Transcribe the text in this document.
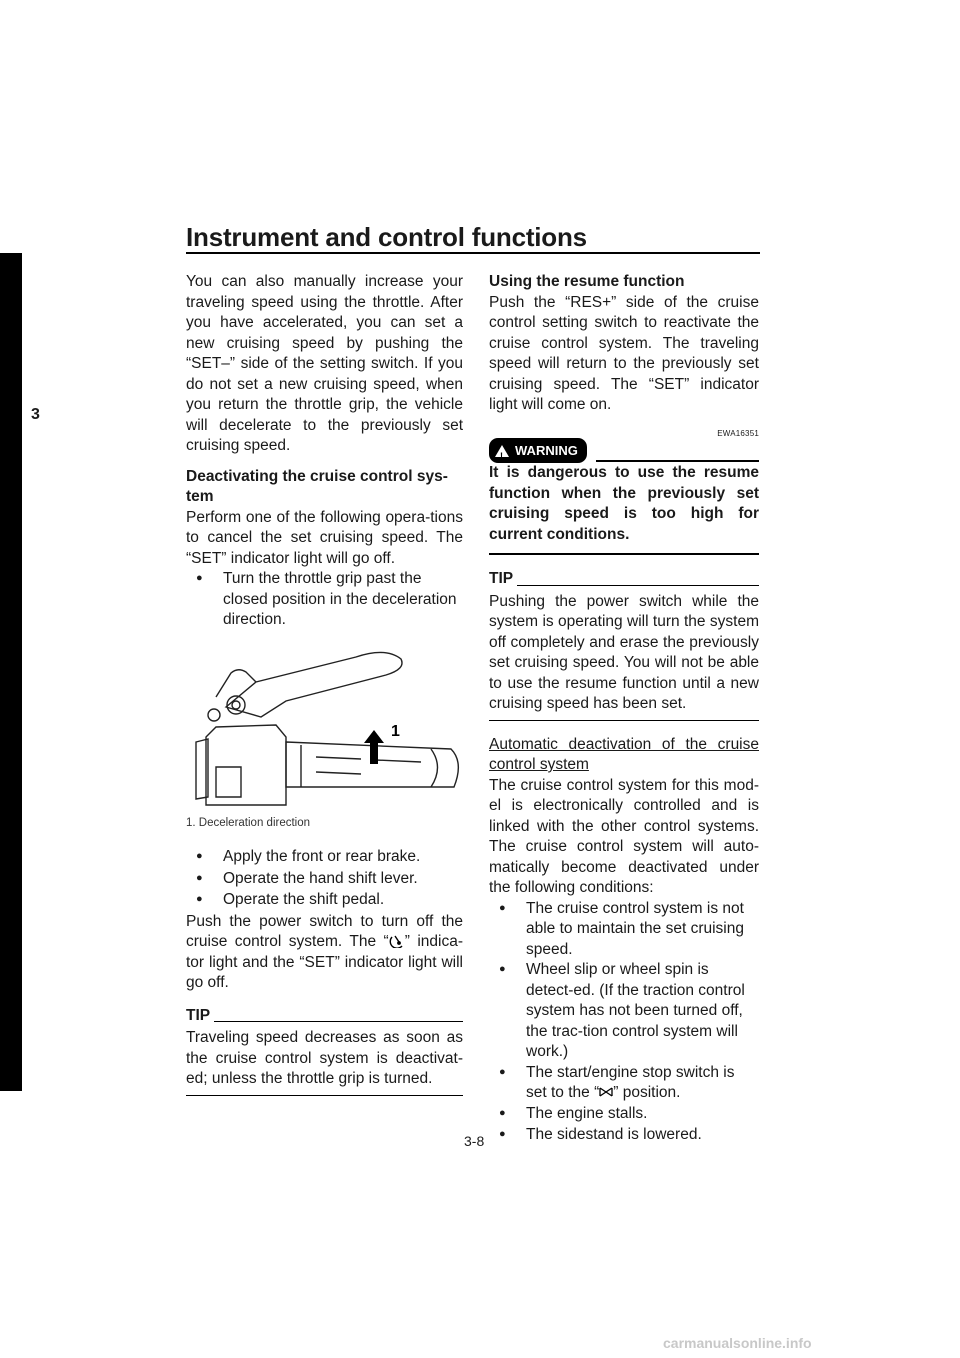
Instrument and control functions
3

You can also manually increase your traveling speed using the throttle. After you have accelerated, you can set a new cruising speed by pushing the “SET–” side of the setting switch. If you do not set a new cruising speed, when you return the throttle grip, the vehicle will decelerate to the previously set cruising speed.

Deactivating the cruise control sys-tem

Perform one of the following opera-tions to cancel the set cruising speed. The “SET” indicator light will go off.

●
Turn the throttle grip past the closed position in the deceleration direction.
1

1. Deceleration direction

●
Apply the front or rear brake.
●
Operate the hand shift lever.
●
Operate the shift pedal.

Push the power switch to turn off the cruise control system. The “ ” indica-tor light and the “SET” indicator light will go off.

TIP

Traveling speed decreases as soon as the cruise control system is deactivat-ed; unless the throttle grip is turned.

Using the resume function

Push the “RES+” side of the cruise control setting switch to reactivate the cruise control system. The traveling speed will return to the previously set cruising speed. The “SET” indicator light will come on.

EWA16351
! WARNING

It is dangerous to use the resume function when the previously set cruising speed is too high for current conditions.

TIP

Pushing the power switch while the system is operating will turn the system off completely and erase the previously set cruising speed. You will not be able to use the resume function until a new cruising speed has been set.

Automatic deactivation of the cruise control system

The cruise control system for this mod-el is electronically controlled and is linked with the other control systems. The cruise control system will auto-matically become deactivated under the following conditions:

●
The cruise control system is not able to maintain the set cruising speed.
●
Wheel slip or wheel spin is detect-ed. (If the traction control system has not been turned off, the trac-tion control system will work.)
●
The start/engine stop switch is set to the “ ” position.
●
The engine stalls.
●
The sidestand is lowered.
3-8
carmanualsonline.info
